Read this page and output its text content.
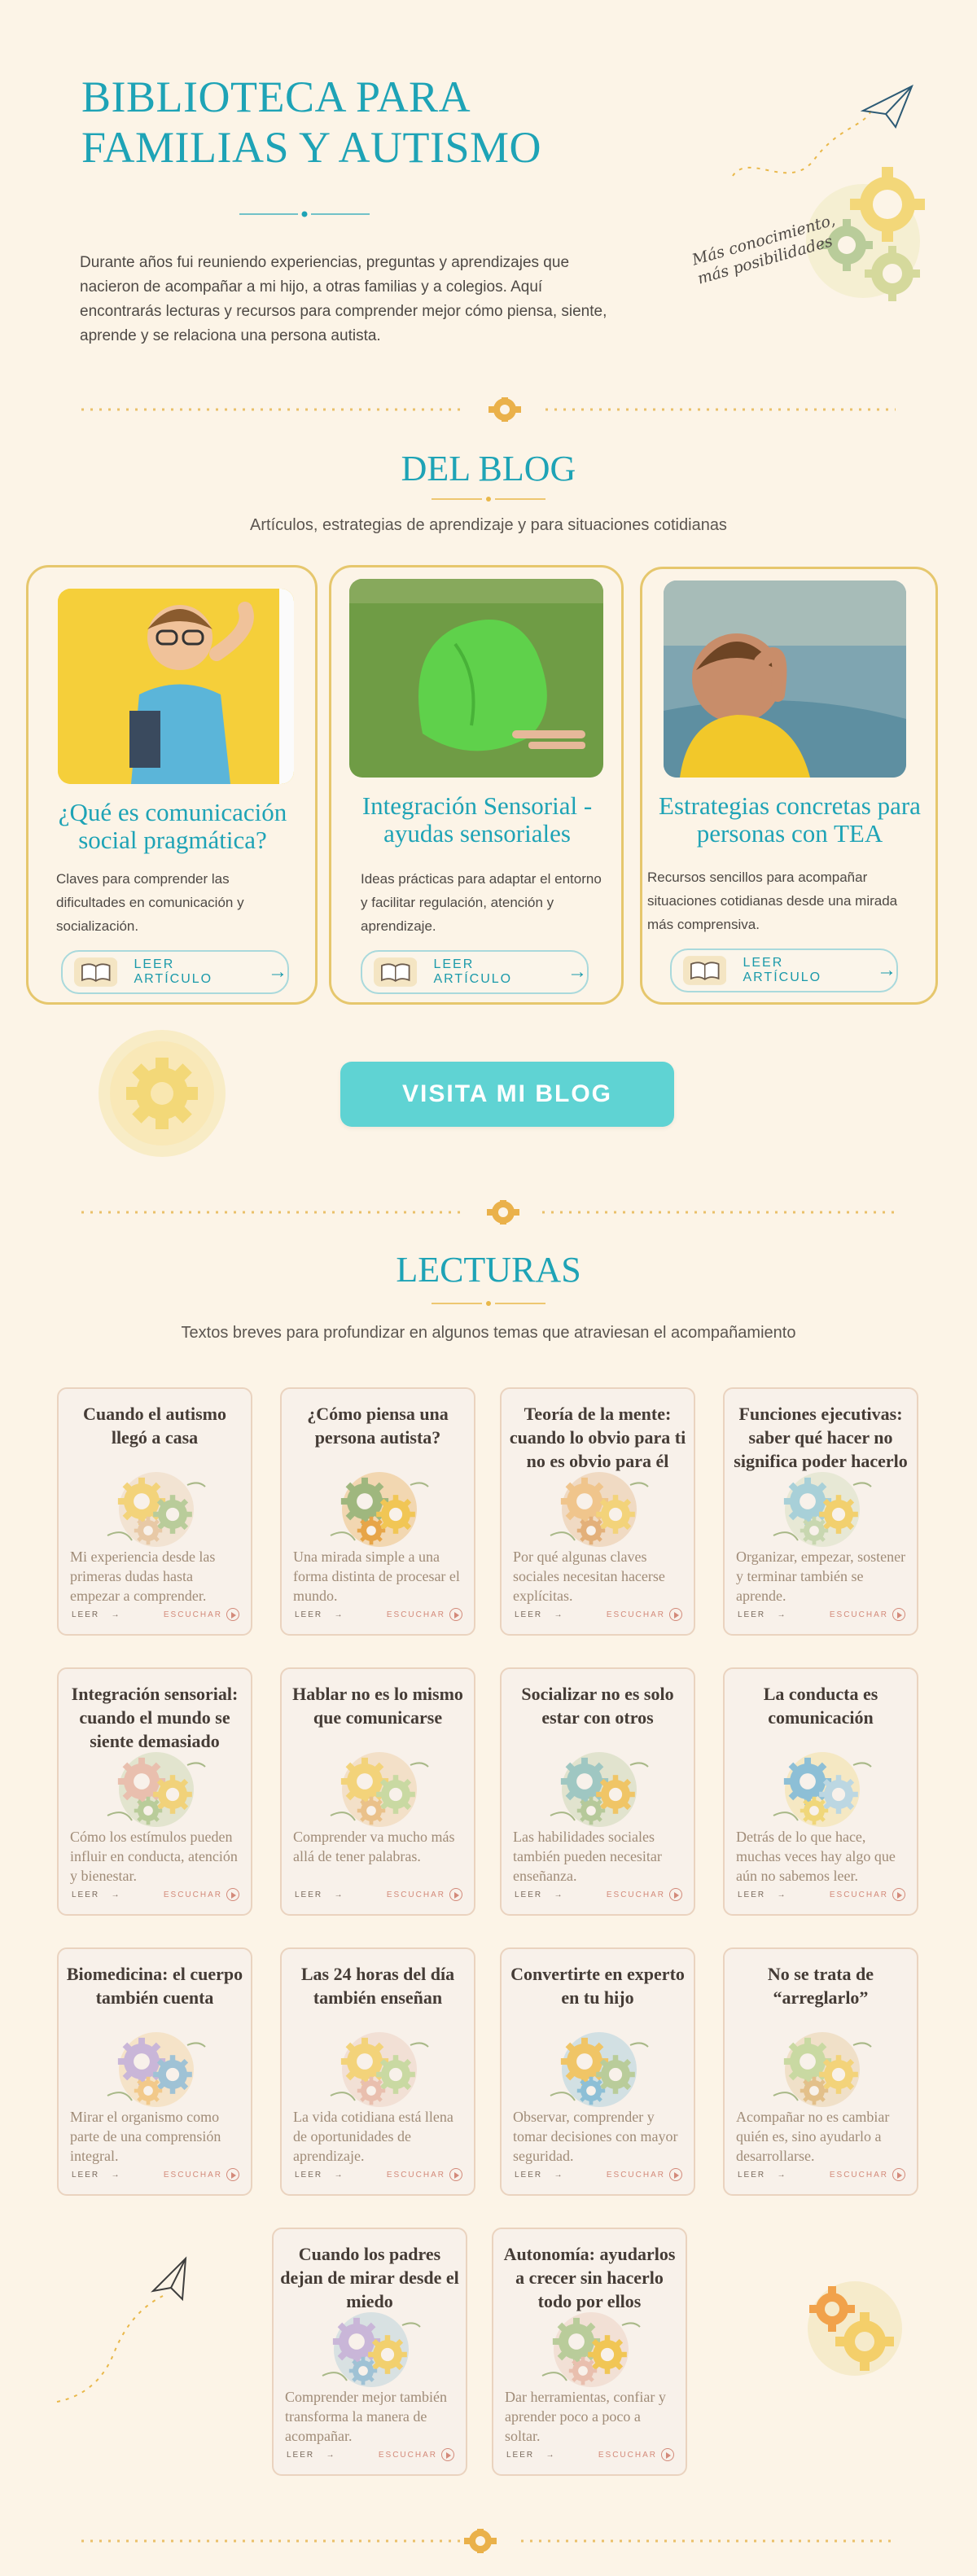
BIBLIOTECA PARA
FAMILIAS Y AUTISMO
Durante años fui reuniendo experiencias, preguntas y aprendizajes que nacieron de acompañar a mi hijo, a otras familias y a colegios. Aquí encontrarás lecturas y recursos para comprender mejor cómo piensa, siente, aprende y se relaciona una persona autista.
Más conocimiento, más posibilidades
DEL BLOG
Artículos, estrategias de aprendizaje y para situaciones cotidianas
¿Qué es comunicación social pragmática?
Claves para comprender las dificultades en comunicación y socialización.
LEER ARTÍCULO	→
Integración Sensorial - ayudas sensoriales
Ideas prácticas para adaptar el entorno y facilitar regulación, atención y aprendizaje.
LEER ARTÍCULO	→
Estrategias concretas para personas con TEA
Recursos sencillos para acompañar situaciones cotidianas desde una mirada más comprensiva.
LEER ARTÍCULO	→
VISITA MI BLOG
LECTURAS
Textos breves para profundizar en algunos temas que atraviesan el acompañamiento
Cuando el autismo llegó a casa
Mi experiencia desde las primeras dudas hasta empezar a comprender.
LEER   →	ESCUCHAR
¿Cómo piensa una persona autista?
Una mirada simple a una forma distinta de procesar el mundo.
LEER   →	ESCUCHAR
Teoría de la mente: cuando lo obvio para ti no es obvio para él
Por qué algunas claves sociales necesitan hacerse explícitas.
LEER   →	ESCUCHAR
Funciones ejecutivas: saber qué hacer no significa poder hacerlo
Organizar, empezar, sostener y terminar también se aprende.
LEER   →	ESCUCHAR
Integración sensorial: cuando el mundo se siente demasiado
Cómo los estímulos pueden influir en conducta, atención y bienestar.
LEER   →	ESCUCHAR
Hablar no es lo mismo que comunicarse
Comprender va mucho más allá de tener palabras.
LEER   →	ESCUCHAR
Socializar no es solo estar con otros
Las habilidades sociales también pueden necesitar enseñanza.
LEER   →	ESCUCHAR
La conducta es comunicación
Detrás de lo que hace, muchas veces hay algo que aún no sabemos leer.
LEER   →	ESCUCHAR
Biomedicina: el cuerpo también cuenta
Mirar el organismo como parte de una comprensión integral.
LEER   →	ESCUCHAR
Las 24 horas del día también enseñan
La vida cotidiana está llena de oportunidades de aprendizaje.
LEER   →	ESCUCHAR
Convertirte en experto en tu hijo
Observar, comprender y tomar decisiones con mayor seguridad.
LEER   →	ESCUCHAR
No se trata de “arreglarlo”
Acompañar no es cambiar quién es, sino ayudarlo a desarrollarse.
LEER   →	ESCUCHAR
Cuando los padres dejan de mirar desde el miedo
Comprender mejor también transforma la manera de acompañar.
LEER   →	ESCUCHAR
Autonomía: ayudarlos a crecer sin hacerlo todo por ellos
Dar herramientas, confiar y aprender poco a poco a soltar.
LEER   →	ESCUCHAR
